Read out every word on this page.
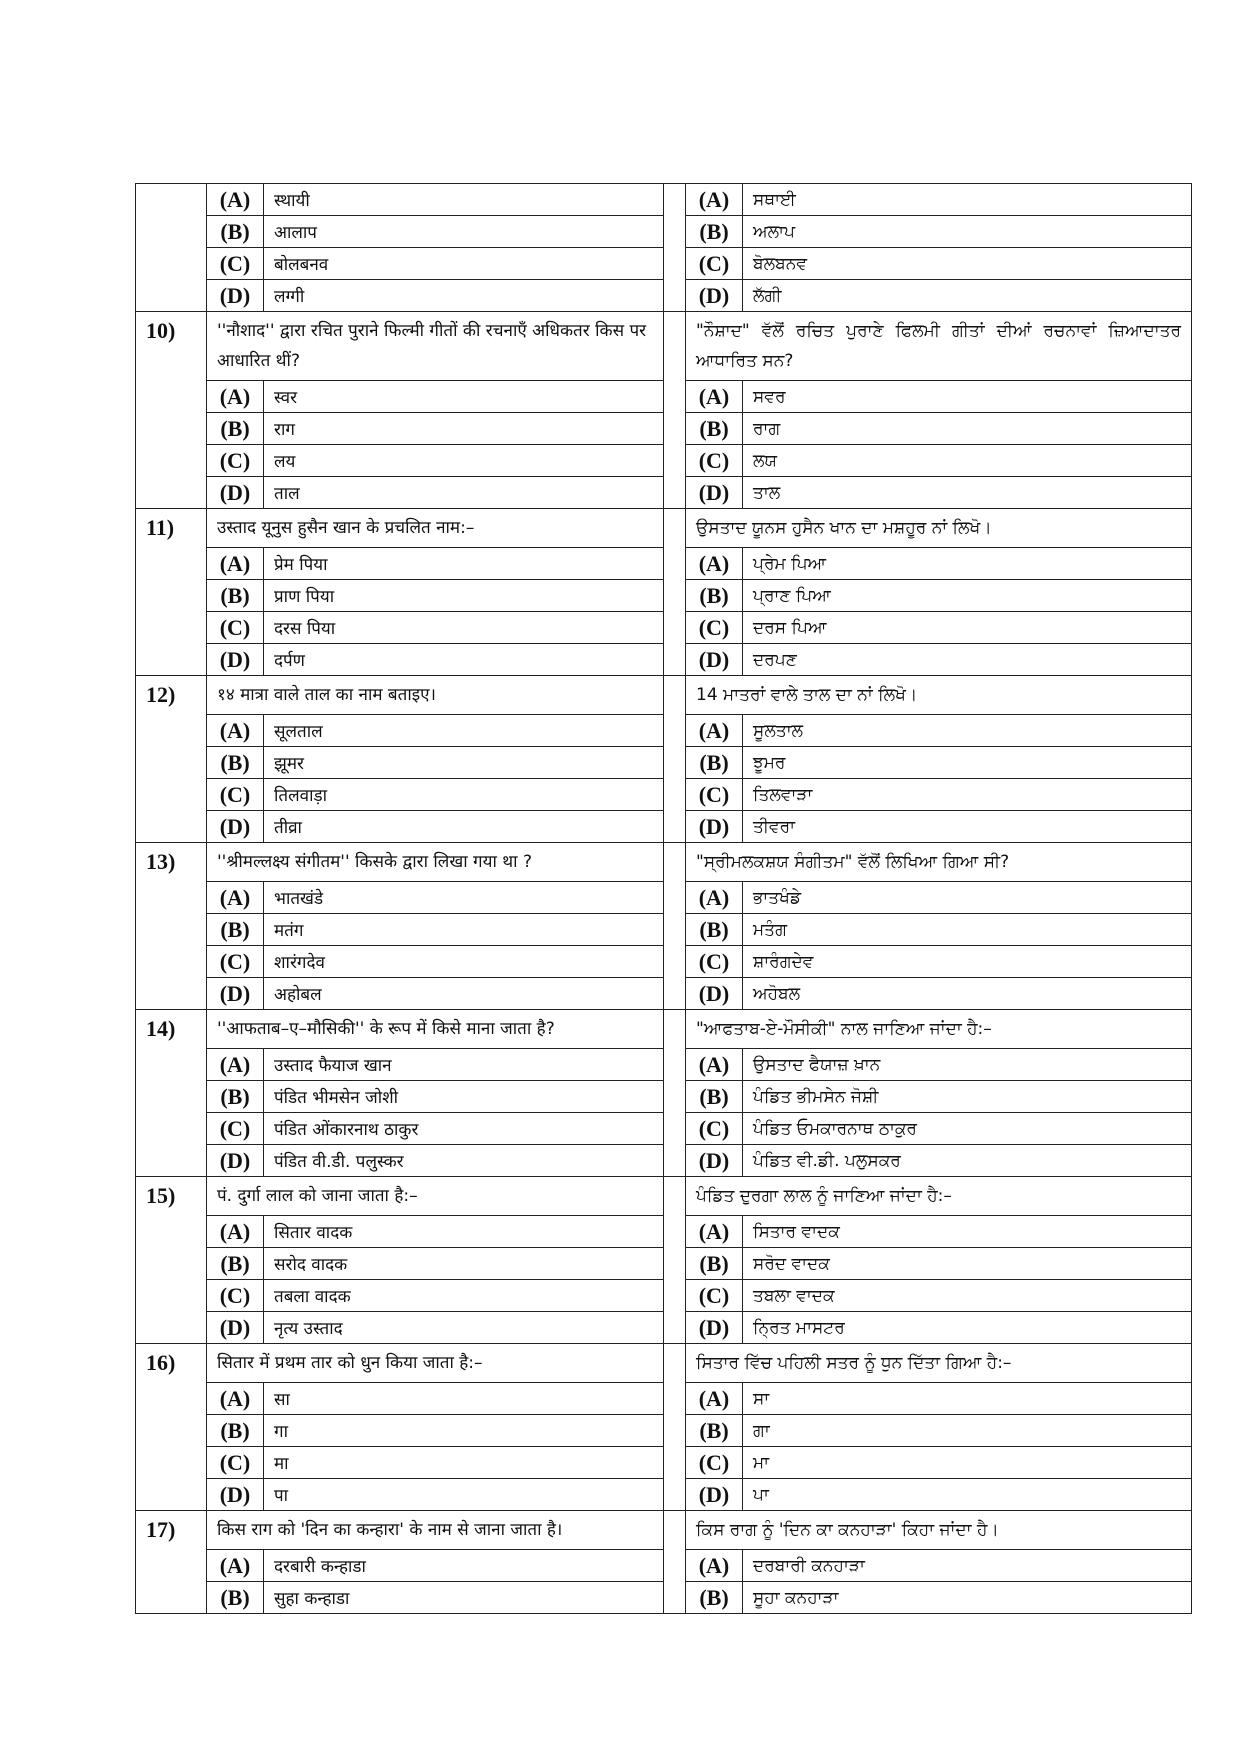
	(A)	स्थायी		(A)	ਸਥਾਈ
	(B)	आलाप		(B)	ਅਲਾਪ
	(C)	बोलबनव		(C)	ਬੋਲਬਨਵ
	(D)	लग्गी		(D)	ਲੱਗੀ
10)	''नौशाद'' द्वारा रचित पुराने फिल्मी गीतों की रचनाएँ अधिकतर किस पर आधारित थीं?			"ਨੌਸ਼ਾਦ" ਵੱਲੋਂ ਰਚਿਤ ਪੁਰਾਣੇ ਫਿਲਮੀ ਗੀਤਾਂ ਦੀਆਂ ਰਚਨਾਵਾਂ ਜ਼ਿਆਦਾਤਰ ਆਧਾਰਿਤ ਸਨ?	
	(A)	स्वर		(A)	ਸਵਰ
	(B)	राग		(B)	ਰਾਗ
	(C)	लय		(C)	ਲਯ
	(D)	ताल		(D)	ਤਾਲ
11)	उस्ताद यूनुस हुसैन खान के प्रचलित नाम:–			ਉਸਤਾਦ ਯੂਨਸ ਹੁਸੈਨ ਖਾਨ ਦਾ ਮਸ਼ਹੂਰ ਨਾਂ ਲਿਖੋ।	
	(A)	प्रेम पिया		(A)	ਪ੍ਰੇਮ ਪਿਆ
	(B)	प्राण पिया		(B)	ਪ੍ਰਾਣ ਪਿਆ
	(C)	दरस पिया		(C)	ਦਰਸ ਪਿਆ
	(D)	दर्पण		(D)	ਦਰਪਣ
12)	१४ मात्रा वाले ताल का नाम बताइए।			14 ਮਾਤਰਾਂ ਵਾਲੇ ਤਾਲ ਦਾ ਨਾਂ ਲਿਖੋ।	
	(A)	सूलताल		(A)	ਸੂਲਤਾਲ
	(B)	झूमर		(B)	ਝੂਮਰ
	(C)	तिलवाड़ा		(C)	ਤਿਲਵਾੜਾ
	(D)	तीव्रा		(D)	ਤੀਵਰਾ
13)	''श्रीमल्लक्ष्य संगीतम'' किसके द्वारा लिखा गया था ?			"ਸ੍ਰੀਮਲਕਸ਼ਯ ਸੰਗੀਤਮ" ਵੱਲੋਂ ਲਿਖਿਆ ਗਿਆ ਸੀ?	
	(A)	भातखंडे		(A)	ਭਾਤਖੰਡੇ
	(B)	मतंग		(B)	ਮਤੰਗ
	(C)	शारंगदेव		(C)	ਸ਼ਾਰੰਗਦੇਵ
	(D)	अहोबल		(D)	ਅਹੋਬਲ
14)	''आफताब–ए–मौसिकी'' के रूप में किसे माना जाता है?			"ਆਫਤਾਬ-ਏ-ਮੌਸੀਕੀ" ਨਾਲ ਜਾਣਿਆ ਜਾਂਦਾ ਹੈ:–	
	(A)	उस्ताद फैयाज खान		(A)	ਉਸਤਾਦ ਫੈਯਾਜ਼ ਖ਼ਾਨ
	(B)	पंडित भीमसेन जोशी		(B)	ਪੰਡਿਤ ਭੀਮਸੇਨ ਜੋਸ਼ੀ
	(C)	पंडित ओंकारनाथ ठाकुर		(C)	ਪੰਡਿਤ ਓਮਕਾਰਨਾਥ ਠਾਕੁਰ
	(D)	पंडित वी.डी. पलुस्कर		(D)	ਪੰਡਿਤ ਵੀ.ਡੀ. ਪਲੁਸਕਰ
15)	पं. दुर्गा लाल को जाना जाता है:–			ਪੰਡਿਤ ਦੁਰਗਾ ਲਾਲ ਨੂੰ ਜਾਣਿਆ ਜਾਂਦਾ ਹੈ:–	
	(A)	सितार वादक		(A)	ਸਿਤਾਰ ਵਾਦਕ
	(B)	सरोद वादक		(B)	ਸਰੋਦ ਵਾਦਕ
	(C)	तबला वादक		(C)	ਤਬਲਾ ਵਾਦਕ
	(D)	नृत्य उस्ताद		(D)	ਨ੍ਰਿਤ ਮਾਸਟਰ
16)	सितार में प्रथम तार को धुन किया जाता है:–			ਸਿਤਾਰ ਵਿੱਚ ਪਹਿਲੀ ਸਤਰ ਨੂੰ ਧੁਨ ਦਿੱਤਾ ਗਿਆ ਹੈ:–	
	(A)	सा		(A)	ਸਾ
	(B)	गा		(B)	ਗਾ
	(C)	मा		(C)	ਮਾ
	(D)	पा		(D)	ਪਾ
17)	किस राग को 'दिन का कन्हारा' के नाम से जाना जाता है।			ਕਿਸ ਰਾਗ ਨੂੰ 'ਦਿਨ ਕਾ ਕਨਹਾੜਾ' ਕਿਹਾ ਜਾਂਦਾ ਹੈ।	
	(A)	दरबारी कन्हाडा		(A)	ਦਰਬਾਰੀ ਕਨਹਾੜਾ
	(B)	सुहा कन्हाडा		(B)	ਸੂਹਾ ਕਨਹਾੜਾ
